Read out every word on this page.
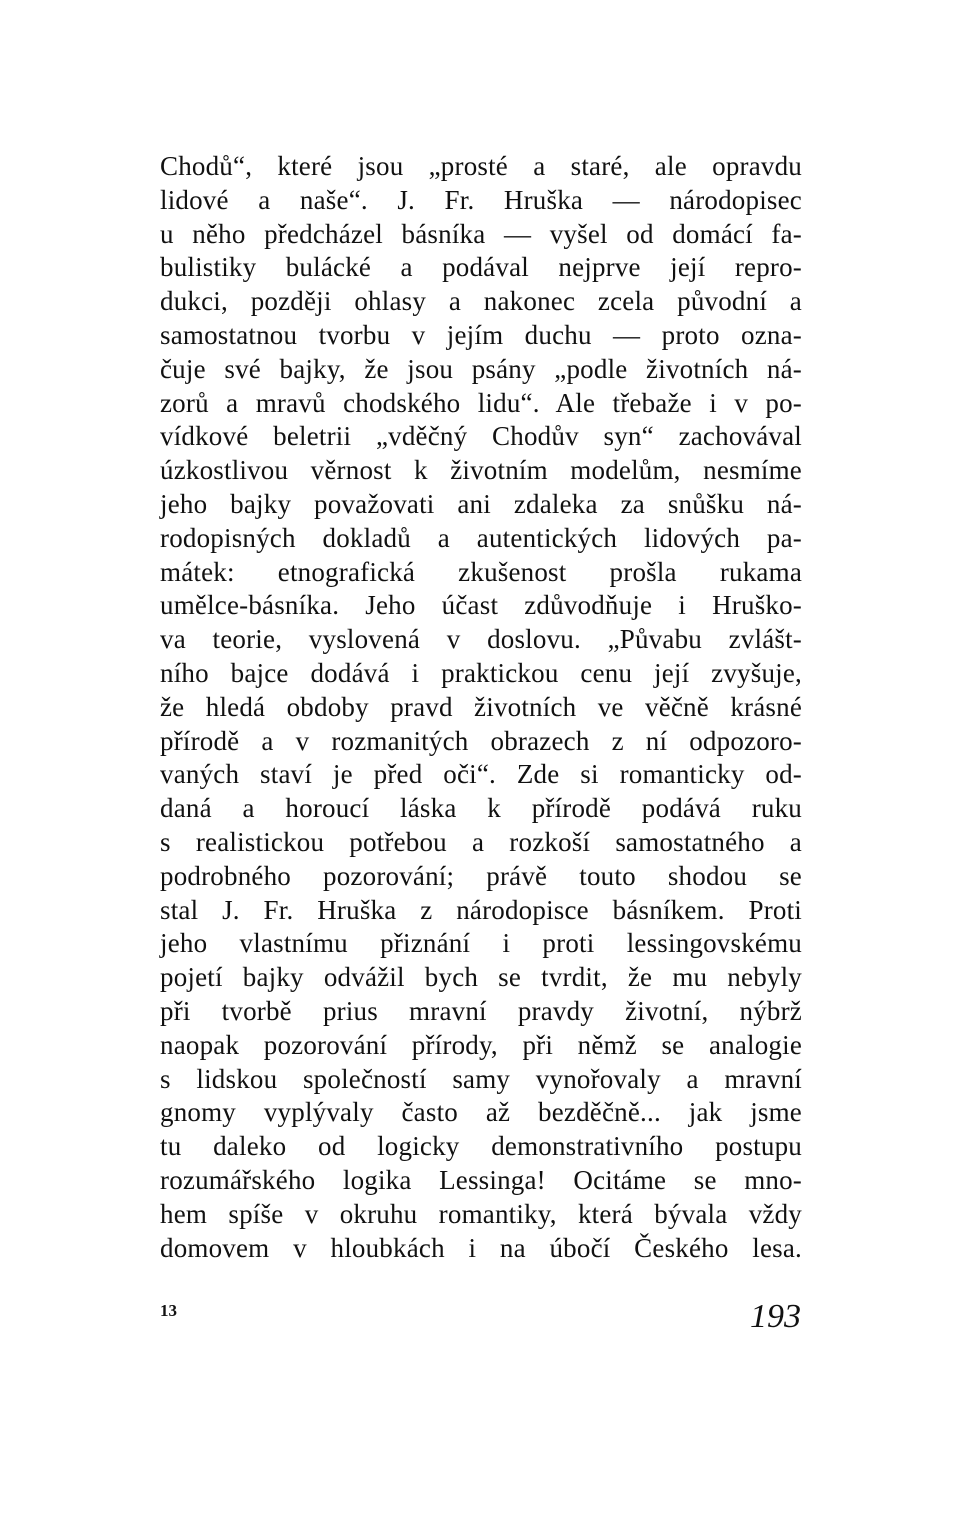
Chodů“, které jsou „prosté a staré, ale opravdu
lidové a naše“. J. Fr. Hruška — národopisec
u něho předcházel básníka — vyšel od domácí fa-
bulistiky bulácké a podával nejprve její repro-
dukci, později ohlasy a nakonec zcela původní a
samostatnou tvorbu v jejím duchu — proto ozna-
čuje své bajky, že jsou psány „podle životních ná-
zorů a mravů chodského lidu“. Ale třebaže i v po-
vídkové beletrii „vděčný Chodův syn“ zachovával
úzkostlivou věrnost k životním modelům, nesmíme
jeho bajky považovati ani zdaleka za snůšku ná-
rodopisných dokladů a autentických lidových pa-
mátek: etnografická zkušenost prošla rukama
umělce-básníka. Jeho účast zdůvodňuje i Hruško-
va teorie, vyslovená v doslovu. „Půvabu zvlášt-
ního bajce dodává i praktickou cenu její zvyšuje,
že hledá obdoby pravd životních ve věčně krásné
přírodě a v rozmanitých obrazech z ní odpozoro-
vaných staví je před oči“. Zde si romanticky od-
daná a horoucí láska k přírodě podává ruku
s realistickou potřebou a rozkoší samostatného a
podrobného pozorování; právě touto shodou se
stal J. Fr. Hruška z národopisce básníkem. Proti
jeho vlastnímu přiznání i proti lessingovskému
pojetí bajky odvážil bych se tvrdit, že mu nebyly
při tvorbě prius mravní pravdy životní, nýbrž
naopak pozorování přírody, při němž se analogie
s lidskou společností samy vynořovaly a mravní
gnomy vyplývaly často až bezděčně... jak jsme
tu daleko od logicky demonstrativního postupu
rozumářského logika Lessinga! Ocitáme se mno-
hem spíše v okruhu romantiky, která bývala vždy
domovem v hloubkách i na úbočí Českého lesa.
13	193
